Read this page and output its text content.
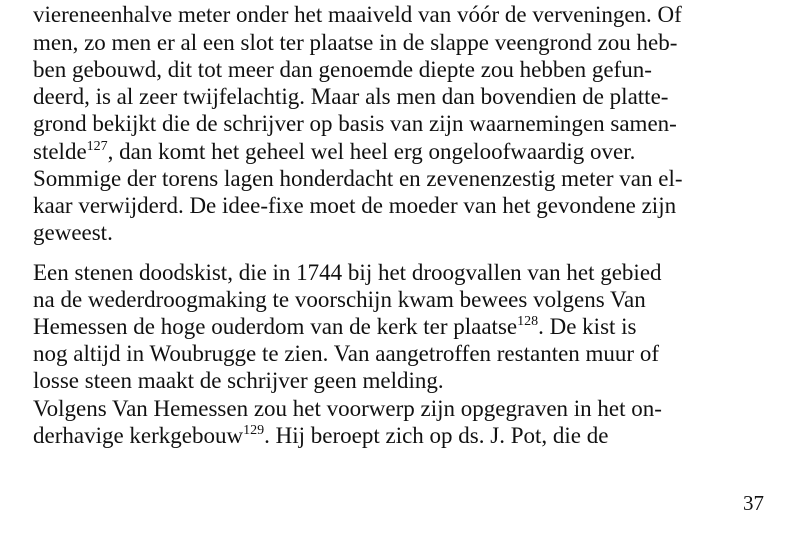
viereneenhalve meter onder het maaiveld van vóór de verveningen. Of

men, zo men er al een slot ter plaatse in de slappe veengrond zou heb-

ben gebouwd, dit tot meer dan genoemde diepte zou hebben gefun-

deerd, is al zeer twijfelachtig. Maar als men dan bovendien de platte-

grond bekijkt die de schrijver op basis van zijn waarnemingen samen-

stelde$^{127}$, dan komt het geheel wel heel erg ongeloofwaardig over.

Sommige der torens lagen honderdacht en zevenenzestig meter van el-

kaar verwijderd. De idee-fixe moet de moeder van het gevondene zijn

geweest.

Een stenen doodskist, die in 1744 bij het droogvallen van het gebied

na de wederdroogmaking te voorschijn kwam bewees volgens Van

Hemessen de hoge ouderdom van de kerk ter plaatse$^{128}$. De kist is

nog altijd in Woubrugge te zien. Van aangetroffen restanten muur of

losse steen maakt de schrijver geen melding.

Volgens Van Hemessen zou het voorwerp zijn opgegraven in het on-

derhavige kerkgebouw$^{129}$. Hij beroept zich op ds. J. Pot, die de

37
